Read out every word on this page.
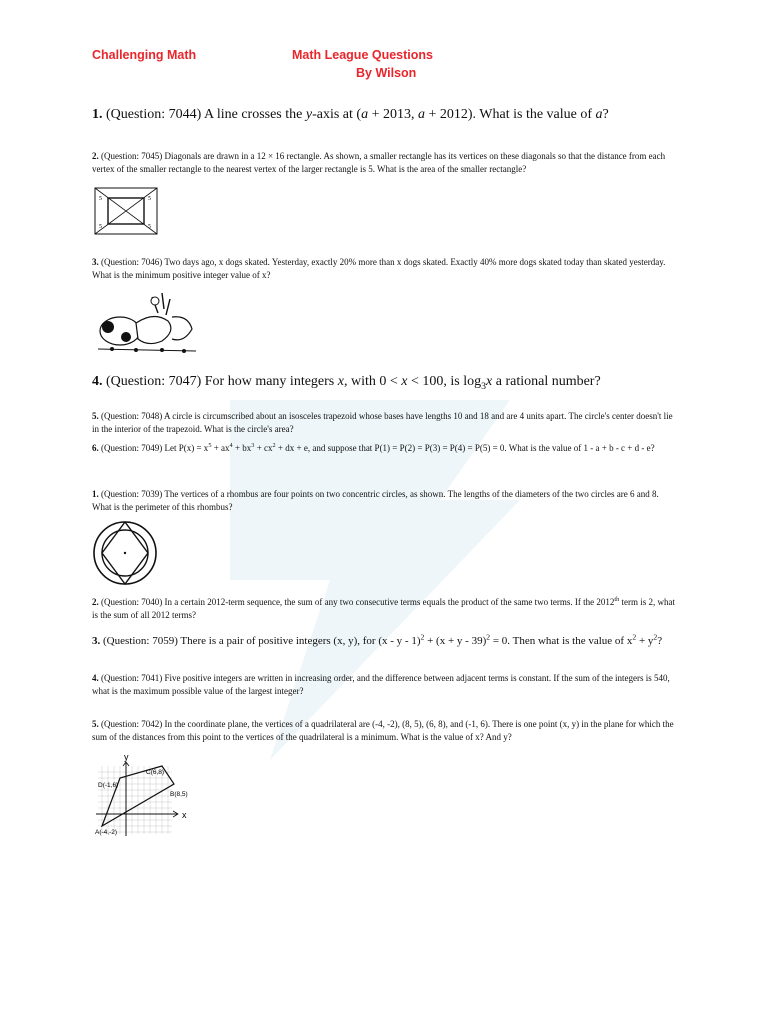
Challenging Math	Math League Questions
By Wilson
1. (Question: 7044) A line crosses the y-axis at (a + 2013, a + 2012). What is the value of a?
2. (Question: 7045) Diagonals are drawn in a 12 × 16 rectangle. As shown, a smaller rectangle has its vertices on these diagonals so that the distance from each vertex of the smaller rectangle to the nearest vertex of the larger rectangle is 5. What is the area of the smaller rectangle?
5	5
5	5
3. (Question: 7046) Two days ago, x dogs skated. Yesterday, exactly 20% more than x dogs skated. Exactly 40% more dogs skated today than skated yesterday. What is the minimum positive integer value of x?
4. (Question: 7047) For how many integers x, with 0 < x < 100, is $\log_3x$ a rational number?
5. (Question: 7048) A circle is circumscribed about an isosceles trapezoid whose bases have lengths 10 and 18 and are 4 units apart. The circle's center doesn't lie in the interior of the trapezoid. What is the circle's area?
6. (Question: 7049) Let $P(x) = x^5 + ax^4 + bx^3 + cx^2$ + dx + e, and suppose that P(1) = P(2) = P(3) = P(4) = P(5) = 0. What is the value of 1 - a + b - c + d - e?
1. (Question: 7039) The vertices of a rhombus are four points on two concentric circles, as shown. The lengths of the diameters of the two circles are 6 and 8. What is the perimeter of this rhombus?
2. (Question: 7040) In a certain 2012-term sequence, the sum of any two consecutive terms equals the product of the same two terms. If the 2012th term is 2, what is the sum of all 2012 terms?
3. (Question: 7059) There is a pair of positive integers (x, y), for $(x - y - 1)^2 + (x + y - 39)^2 = 0$. Then what is the value of $x^2 + y^2$?
4. (Question: 7041) Five positive integers are written in increasing order, and the difference between adjacent terms is constant. If the sum of the integers is 540, what is the maximum possible value of the largest integer?
5. (Question: 7042) In the coordinate plane, the vertices of a quadrilateral are (-4, -2), (8, 5), (6, 8), and (-1, 6). There is one point (x, y) in the plane for which the sum of the distances from this point to the vertices of the quadrilateral is a minimum. What is the value of x? And y?
y
x
C(6,8)
D(-1,6)
B(8,5)
A(-4,-2)
